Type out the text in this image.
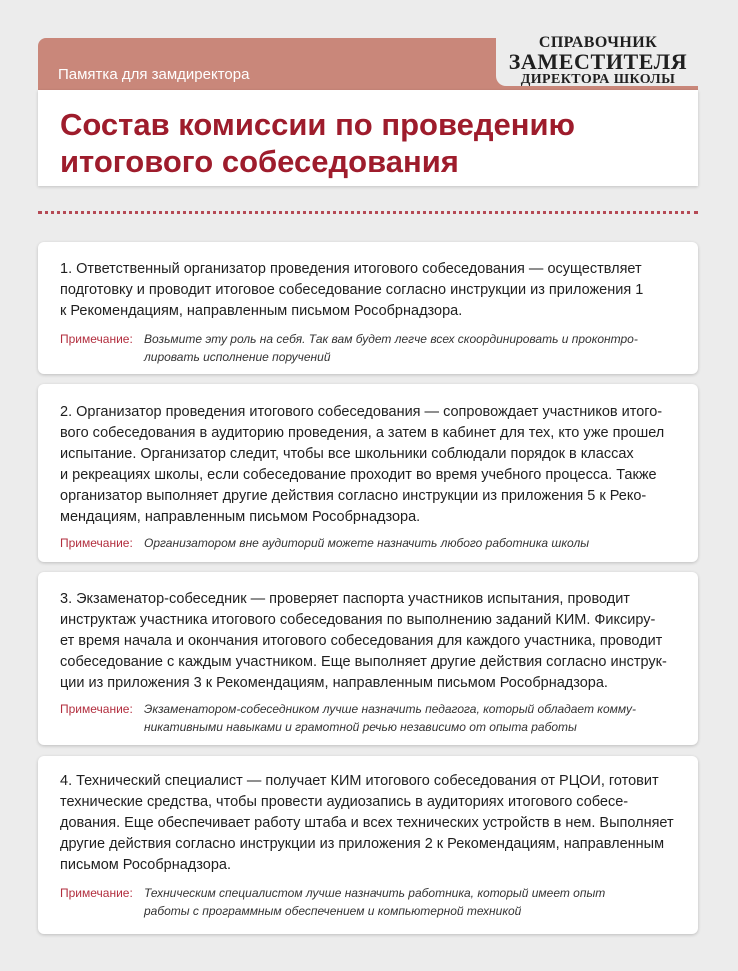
Памятка для замдиректора
СПРАВОЧНИК
ЗАМЕСТИТЕЛЯ
ДИРЕКТОРА ШКОЛЫ
Состав комиссии по проведению
итогового собеседования

1. Ответственный организатор проведения итогового собеседования — осуществляет
подготовку и проводит итоговое собеседование согласно инструкции из приложения 1
к Рекомендациям, направленным письмом Рособрнадзора.

Примечание: Возьмите эту роль на себя. Так вам будет легче всех скоординировать и проконтро-
лировать исполнение поручений

2. Организатор проведения итогового собеседования — сопровождает участников итого-
вого собеседования в аудиторию проведения, а затем в кабинет для тех, кто уже прошел
испытание. Организатор следит, чтобы все школьники соблюдали порядок в классах
и рекреациях школы, если собеседование проходит во время учебного процесса. Также
организатор выполняет другие действия согласно инструкции из приложения 5 к Реко-
мендациям, направленным письмом Рособрнадзора.

Примечание: Организатором вне аудиторий можете назначить любого работника школы

3. Экзаменатор-собеседник — проверяет паспорта участников испытания, проводит
инструктаж участника итогового собеседования по выполнению заданий КИМ. Фиксиру-
ет время начала и окончания итогового собеседования для каждого участника, проводит
собеседование с каждым участником. Еще выполняет другие действия согласно инструк-
ции из приложения 3 к Рекомендациям, направленным письмом Рособрнадзора.

Примечание: Экзаменатором-собеседником лучше назначить педагога, который обладает комму-
никативными навыками и грамотной речью независимо от опыта работы

4. Технический специалист — получает КИМ итогового собеседования от РЦОИ, готовит
технические средства, чтобы провести аудиозапись в аудиториях итогового собесе-
дования. Еще обеспечивает работу штаба и всех технических устройств в нем. Выполняет
другие действия согласно инструкции из приложения 2 к Рекомендациям, направленным
письмом Рособрнадзора.

Примечание: Техническим специалистом лучше назначить работника, который имеет опыт
работы с программным обеспечением и компьютерной техникой
